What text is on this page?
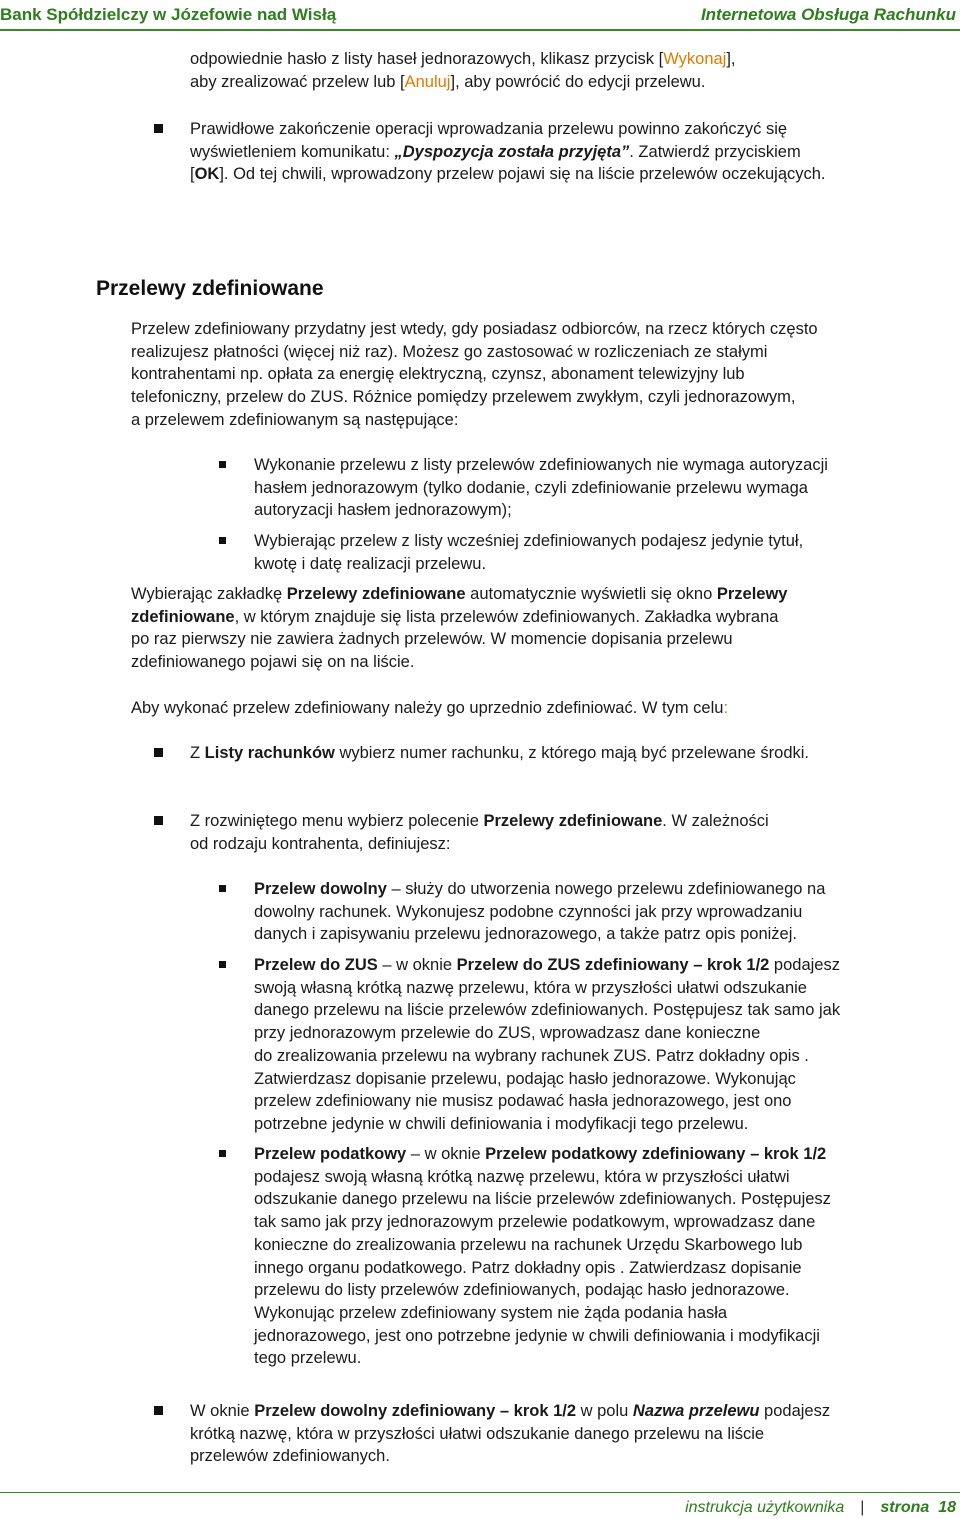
Bank Spółdzielczy w Józefowie nad Wisłą	Internetowa Obsługa Rachunku
odpowiednie hasło z listy haseł jednorazowych, klikasz przycisk [Wykonaj],
aby zrealizować przelew lub [Anuluj], aby powrócić do edycji przelewu.
Prawidłowe zakończenie operacji wprowadzania przelewu powinno zakończyć się
wyświetleniem komunikatu: „Dyspozycja została przyjęta”. Zatwierdź przyciskiem
[OK]. Od tej chwili, wprowadzony przelew pojawi się na liście przelewów oczekujących.
Przelewy zdefiniowane
Przelew zdefiniowany przydatny jest wtedy, gdy posiadasz odbiorców, na rzecz których często
realizujesz płatności (więcej niż raz). Możesz go zastosować w rozliczeniach ze stałymi
kontrahentami np. opłata za energię elektryczną, czynsz, abonament telewizyjny lub
telefoniczny, przelew do ZUS. Różnice pomiędzy przelewem zwykłym, czyli jednorazowym,
a przelewem zdefiniowanym są następujące:
Wykonanie przelewu z listy przelewów zdefiniowanych nie wymaga autoryzacji
hasłem jednorazowym (tylko dodanie, czyli zdefiniowanie przelewu wymaga
autoryzacji hasłem jednorazowym);
Wybierając przelew z listy wcześniej zdefiniowanych podajesz jedynie tytuł,
kwotę i datę realizacji przelewu.
Wybierając zakładkę Przelewy zdefiniowane automatycznie wyświetli się okno Przelewy
zdefiniowane, w którym znajduje się lista przelewów zdefiniowanych. Zakładka wybrana
po raz pierwszy nie zawiera żadnych przelewów. W momencie dopisania przelewu
zdefiniowanego pojawi się on na liście.
Aby wykonać przelew zdefiniowany należy go uprzednio zdefiniować. W tym celu:
Z Listy rachunków wybierz numer rachunku, z którego mają być przelewane środki.
Z rozwiniętego menu wybierz polecenie Przelewy zdefiniowane. W zależności
od rodzaju kontrahenta, definiujesz:
Przelew dowolny – służy do utworzenia nowego przelewu zdefiniowanego na
dowolny rachunek. Wykonujesz podobne czynności jak przy wprowadzaniu
danych i zapisywaniu przelewu jednorazowego, a także patrz opis poniżej.
Przelew do ZUS – w oknie Przelew do ZUS zdefiniowany – krok 1/2 podajesz
swoją własną krótką nazwę przelewu, która w przyszłości ułatwi odszukanie
danego przelewu na liście przelewów zdefiniowanych. Postępujesz tak samo jak
przy jednorazowym przelewie do ZUS, wprowadzasz dane konieczne
do zrealizowania przelewu na wybrany rachunek ZUS. Patrz dokładny opis .
Zatwierdzasz dopisanie przelewu, podając hasło jednorazowe. Wykonując
przelew zdefiniowany nie musisz podawać hasła jednorazowego, jest ono
potrzebne jedynie w chwili definiowania i modyfikacji tego przelewu.
Przelew podatkowy – w oknie Przelew podatkowy zdefiniowany – krok 1/2
podajesz swoją własną krótką nazwę przelewu, która w przyszłości ułatwi
odszukanie danego przelewu na liście przelewów zdefiniowanych. Postępujesz
tak samo jak przy jednorazowym przelewie podatkowym, wprowadzasz dane
konieczne do zrealizowania przelewu na rachunek Urzędu Skarbowego lub
innego organu podatkowego. Patrz dokładny opis . Zatwierdzasz dopisanie
przelewu do listy przelewów zdefiniowanych, podając hasło jednorazowe.
Wykonując przelew zdefiniowany system nie żąda podania hasła
jednorazowego, jest ono potrzebne jedynie w chwili definiowania i modyfikacji
tego przelewu.
W oknie Przelew dowolny zdefiniowany – krok 1/2 w polu Nazwa przelewu podajesz
krótką nazwę, która w przyszłości ułatwi odszukanie danego przelewu na liście
przelewów zdefiniowanych.
instrukcja użytkownika | strona 18
